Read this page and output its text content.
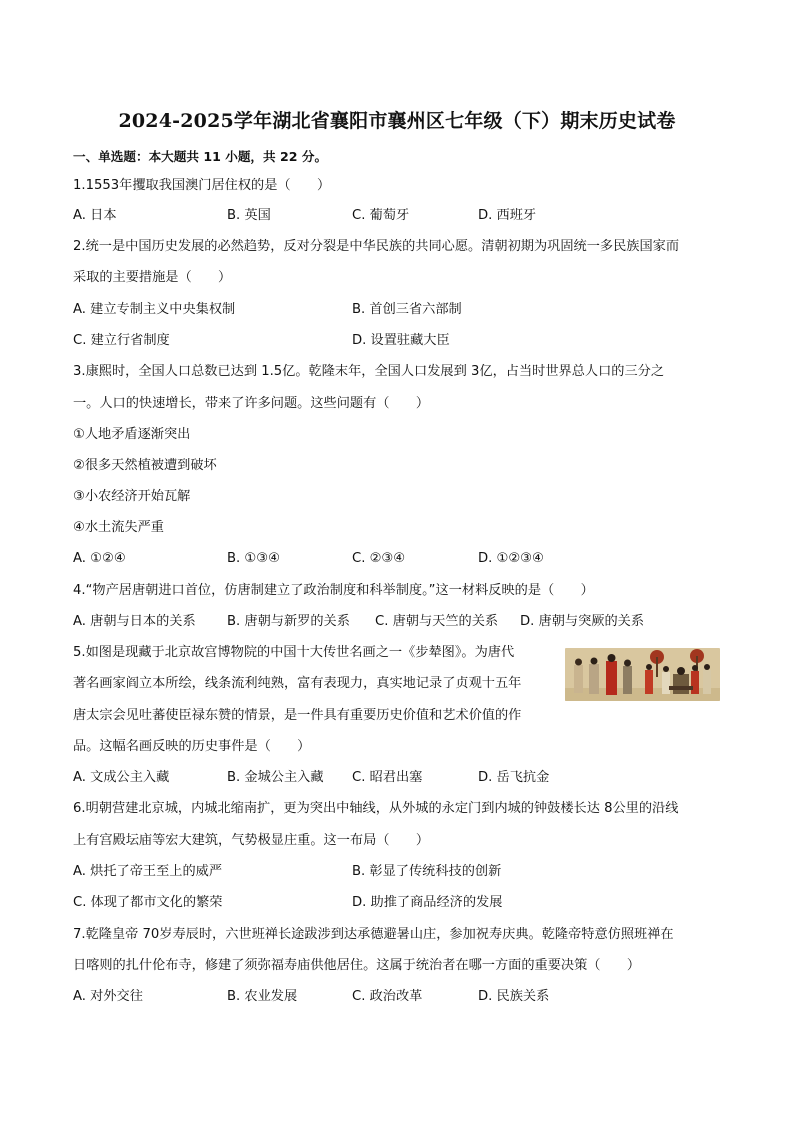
2024-2025学年湖北省襄阳市襄州区七年级（下）期末历史试卷
一、单选题：本大题共 11 小题，共 22 分。
1.1553年攫取我国澳门居住权的是（　　）
A. 日本	B. 英国	C. 葡萄牙	D. 西班牙
2.统一是中国历史发展的必然趋势，反对分裂是中华民族的共同心愿。清朝初期为巩固统一多民族国家而
采取的主要措施是（　　）
A. 建立专制主义中央集权制	B. 首创三省六部制
C. 建立行省制度	D. 设置驻藏大臣
3.康熙时，全国人口总数已达到 1.5亿。乾隆末年，全国人口发展到 3亿，占当时世界总人口的三分之
一。人口的快速增长，带来了许多问题。这些问题有（　　）
①人地矛盾逐渐突出
②很多天然植被遭到破坏
③小农经济开始瓦解
④水土流失严重
A. ①②④	B. ①③④	C. ②③④	D. ①②③④
4.“物产居唐朝进口首位，仿唐制建立了政治制度和科举制度。”这一材料反映的是（　　）
A. 唐朝与日本的关系 B. 唐朝与新罗的关系 C. 唐朝与天竺的关系 D. 唐朝与突厥的关系
5.如图是现藏于北京故宫博物院的中国十大传世名画之一《步辇图》。为唐代
著名画家阎立本所绘，线条流利纯熟，富有表现力，真实地记录了贞观十五年
唐太宗会见吐蕃使臣禄东赞的情景，是一件具有重要历史价值和艺术价值的作
品。这幅名画反映的历史事件是（　　）
A. 文成公主入藏	B. 金城公主入藏 C. 昭君出塞	D. 岳飞抗金
6.明朝营建北京城，内城北缩南扩，更为突出中轴线，从外城的永定门到内城的钟鼓楼长达 8公里的沿线
上有宫殿坛庙等宏大建筑，气势极显庄重。这一布局（　　）
A. 烘托了帝王至上的威严	B. 彰显了传统科技的创新
C. 体现了都市文化的繁荣	D. 助推了商品经济的发展
7.乾隆皇帝 70岁寿辰时，六世班禅长途跋涉到达承德避暑山庄，参加祝寿庆典。乾隆帝特意仿照班禅在
日喀则的扎什伦布寺，修建了须弥福寿庙供他居住。这属于统治者在哪一方面的重要决策（　　）
A. 对外交往	B. 农业发展	C. 政治改革	D. 民族关系
